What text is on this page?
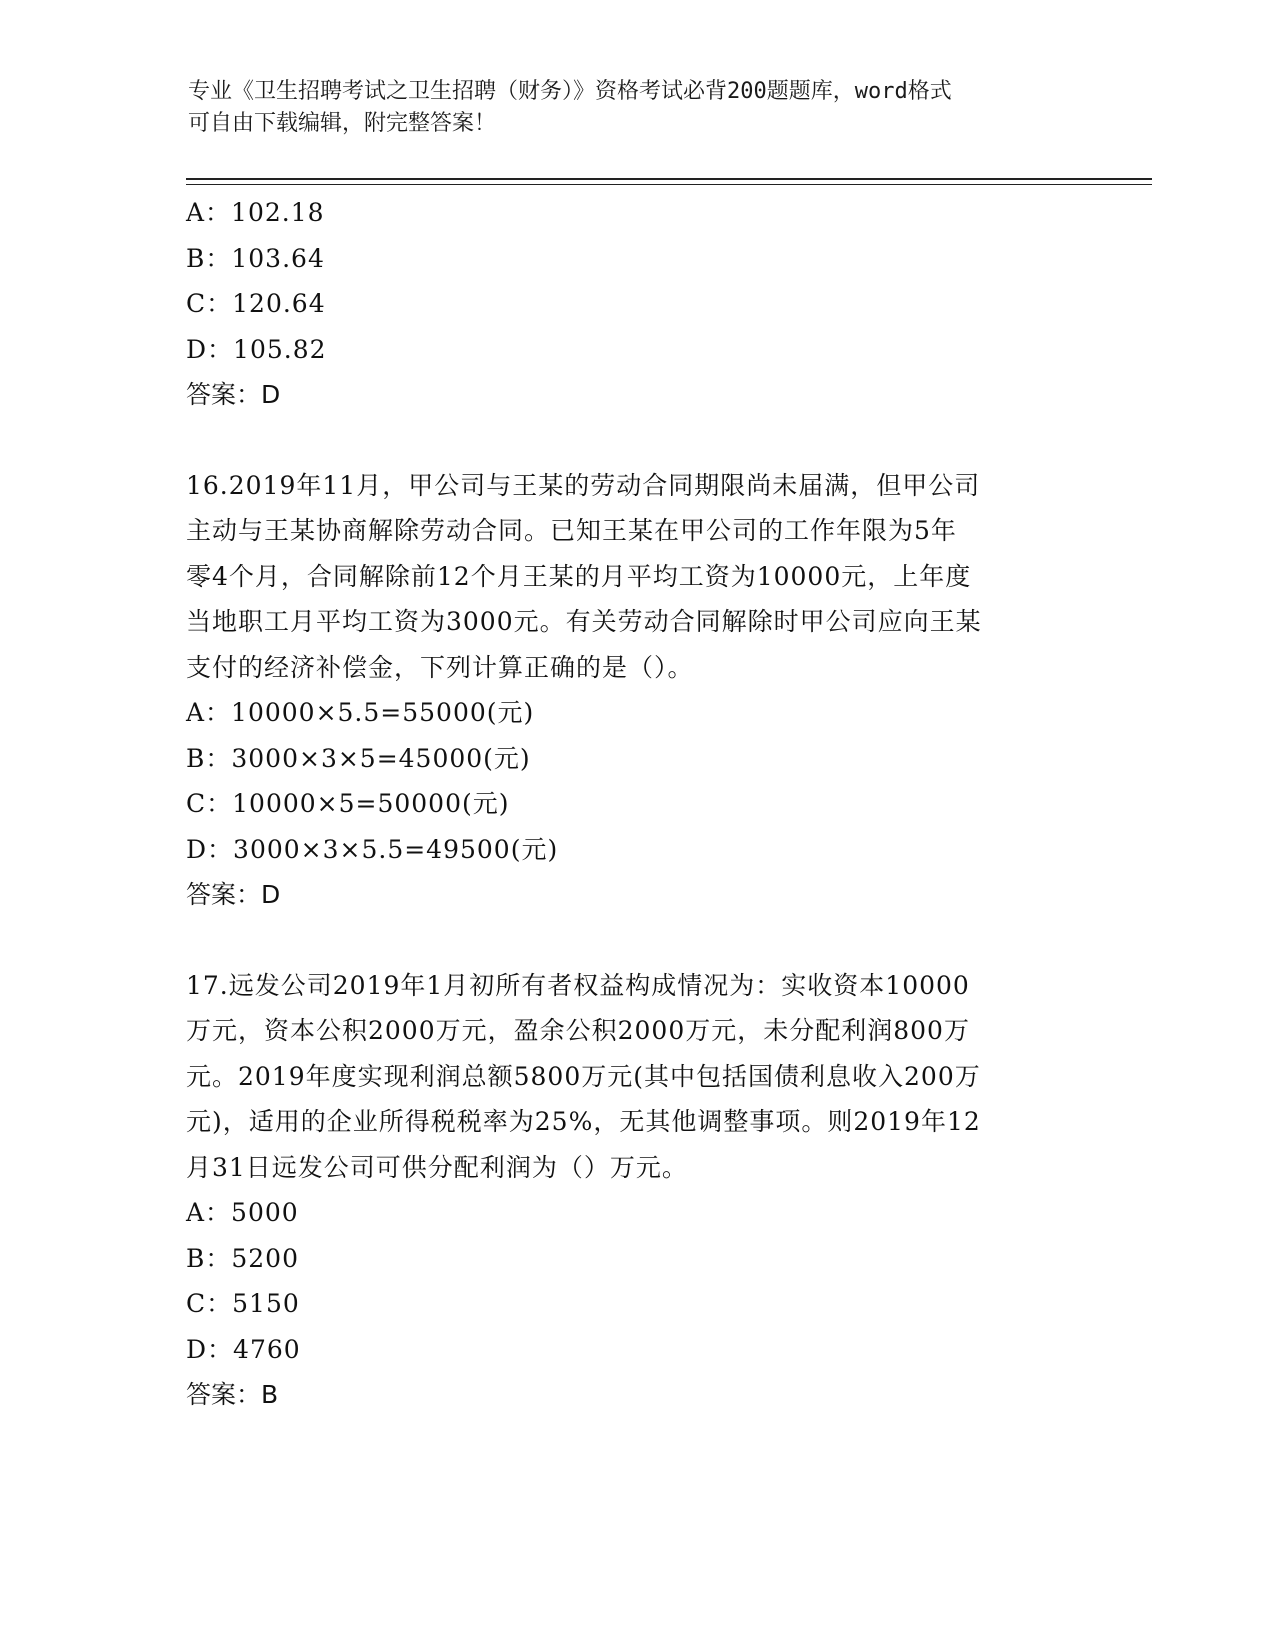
专业《卫生招聘考试之卫生招聘（财务）》资格考试必背200题题库，word格式
可自由下载编辑，附完整答案！
A：102.18
B：103.64
C：120.64
D：105.82
答案：D
16.2019年11月，甲公司与王某的劳动合同期限尚未届满，但甲公司
主动与王某协商解除劳动合同。已知王某在甲公司的工作年限为5年
零4个月，合同解除前12个月王某的月平均工资为10000元，上年度
当地职工月平均工资为3000元。有关劳动合同解除时甲公司应向王某
支付的经济补偿金，下列计算正确的是（）。
A：10000×5.5=55000(元)
B：3000×3×5=45000(元)
C：10000×5=50000(元)
D：3000×3×5.5=49500(元)
答案：D
17.远发公司2019年1月初所有者权益构成情况为：实收资本10000
万元，资本公积2000万元，盈余公积2000万元，未分配利润800万
元。2019年度实现利润总额5800万元(其中包括国债利息收入200万
元)，适用的企业所得税税率为25%，无其他调整事项。则2019年12
月31日远发公司可供分配利润为（）万元。
A：5000
B：5200
C：5150
D：4760
答案：B
